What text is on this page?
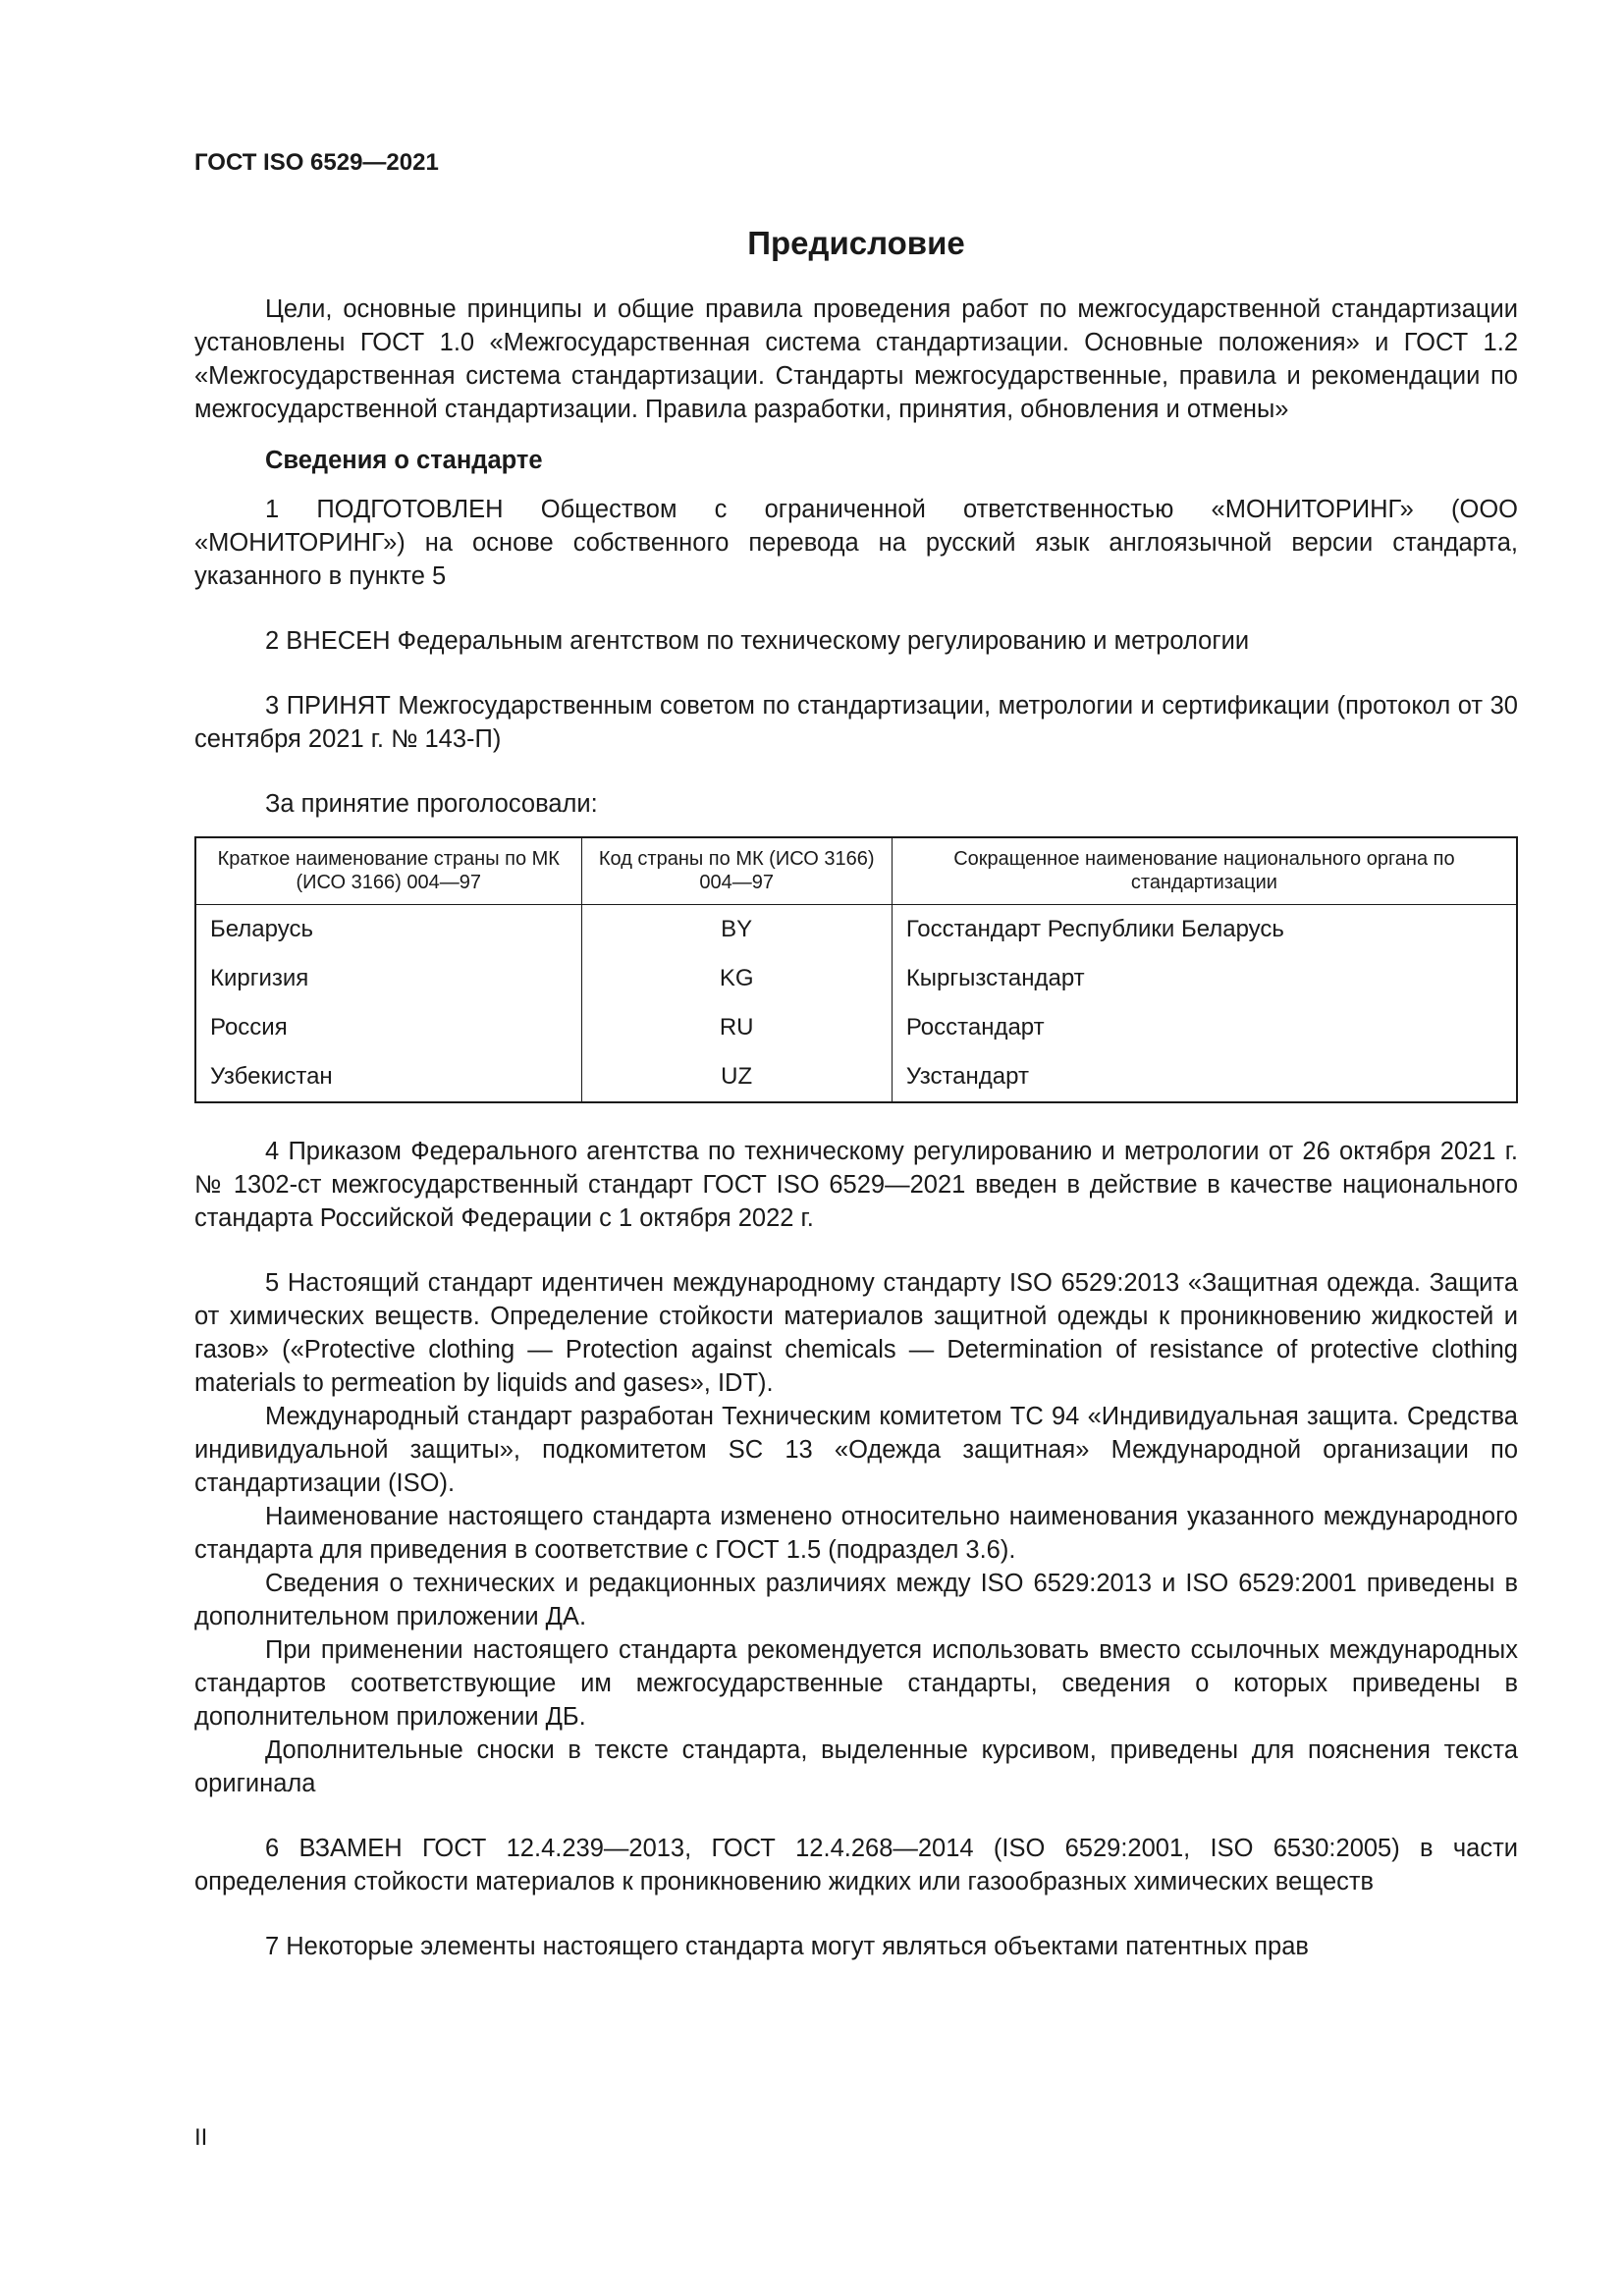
ГОСТ ISO 6529—2021
Предисловие

Цели, основные принципы и общие правила проведения работ по межгосударственной стандартизации установлены ГОСТ 1.0 «Межгосударственная система стандартизации. Основные положения» и ГОСТ 1.2 «Межгосударственная система стандартизации. Стандарты межгосударственные, правила и рекомендации по межгосударственной стандартизации. Правила разработки, принятия, обновления и отмены»

Сведения о стандарте

1 ПОДГОТОВЛЕН Обществом с ограниченной ответственностью «МОНИТОРИНГ» (ООО «МОНИТОРИНГ») на основе собственного перевода на русский язык англоязычной версии стандарта, указанного в пункте 5

2 ВНЕСЕН Федеральным агентством по техническому регулированию и метрологии

3 ПРИНЯТ Межгосударственным советом по стандартизации, метрологии и сертификации (протокол от 30 сентября 2021 г. № 143-П)

За принятие проголосовали:

Краткое наименование страны по МК (ИСО 3166) 004—97	Код страны по МК (ИСО 3166) 004—97	Сокращенное наименование национального органа по стандартизации
Беларусь	BY	Госстандарт Республики Беларусь
Киргизия	KG	Кыргызстандарт
Россия	RU	Росстандарт
Узбекистан	UZ	Узстандарт

4 Приказом Федерального агентства по техническому регулированию и метрологии от 26 октября 2021 г. № 1302-ст межгосударственный стандарт ГОСТ ISO 6529—2021 введен в действие в качестве национального стандарта Российской Федерации с 1 октября 2022 г.

5 Настоящий стандарт идентичен международному стандарту ISO 6529:2013 «Защитная одежда. Защита от химических веществ. Определение стойкости материалов защитной одежды к проникновению жидкостей и газов» («Protective clothing — Protection against chemicals — Determination of resistance of protective clothing materials to permeation by liquids and gases», IDT).

Международный стандарт разработан Техническим комитетом TC 94 «Индивидуальная защита. Средства индивидуальной защиты», подкомитетом SC 13 «Одежда защитная» Международной организации по стандартизации (ISO).

Наименование настоящего стандарта изменено относительно наименования указанного международного стандарта для приведения в соответствие с ГОСТ 1.5 (подраздел 3.6).

Сведения о технических и редакционных различиях между ISO 6529:2013 и ISO 6529:2001 приведены в дополнительном приложении ДА.

При применении настоящего стандарта рекомендуется использовать вместо ссылочных международных стандартов соответствующие им межгосударственные стандарты, сведения о которых приведены в дополнительном приложении ДБ.

Дополнительные сноски в тексте стандарта, выделенные курсивом, приведены для пояснения текста оригинала

6 ВЗАМЕН ГОСТ 12.4.239—2013, ГОСТ 12.4.268—2014 (ISO 6529:2001, ISO 6530:2005) в части определения стойкости материалов к проникновению жидких или газообразных химических веществ

7 Некоторые элементы настоящего стандарта могут являться объектами патентных прав

II
